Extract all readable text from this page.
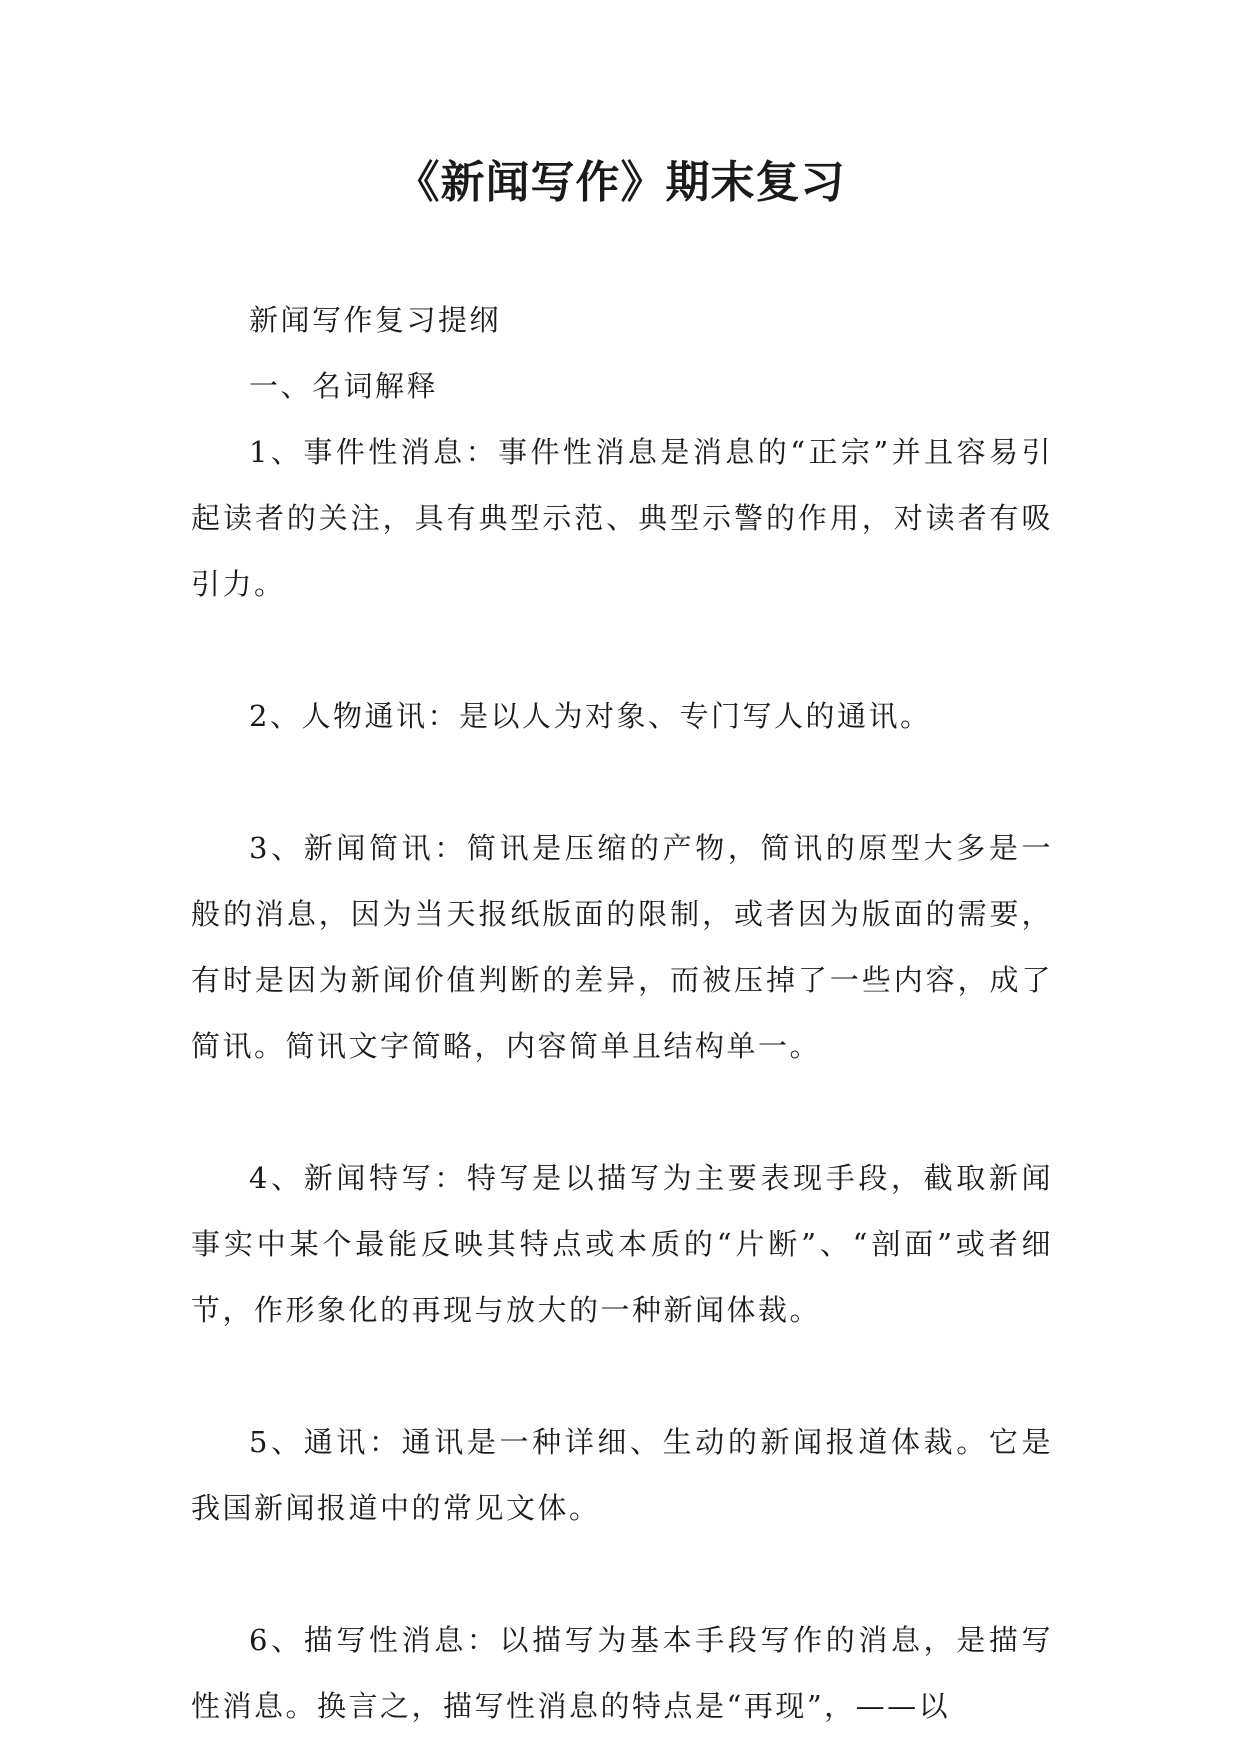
《新闻写作》期末复习

新闻写作复习提纲

一、名词解释

1、事件性消息：事件性消息是消息的“正宗”并且容易引起读者的关注，具有典型示范、典型示警的作用，对读者有吸引力。

2、人物通讯：是以人为对象、专门写人的通讯。

3、新闻简讯：简讯是压缩的产物，简讯的原型大多是一般的消息，因为当天报纸版面的限制，或者因为版面的需要，有时是因为新闻价值判断的差异，而被压掉了一些内容，成了简讯。简讯文字简略，内容简单且结构单一。

4、新闻特写：特写是以描写为主要表现手段，截取新闻事实中某个最能反映其特点或本质的“片断”、“剖面”或者细节，作形象化的再现与放大的一种新闻体裁。

5、通讯：通讯是一种详细、生动的新闻报道体裁。它是我国新闻报道中的常见文体。

6、描写性消息：以描写为基本手段写作的消息，是描写性消息。换言之，描写性消息的特点是“再现”，——以
